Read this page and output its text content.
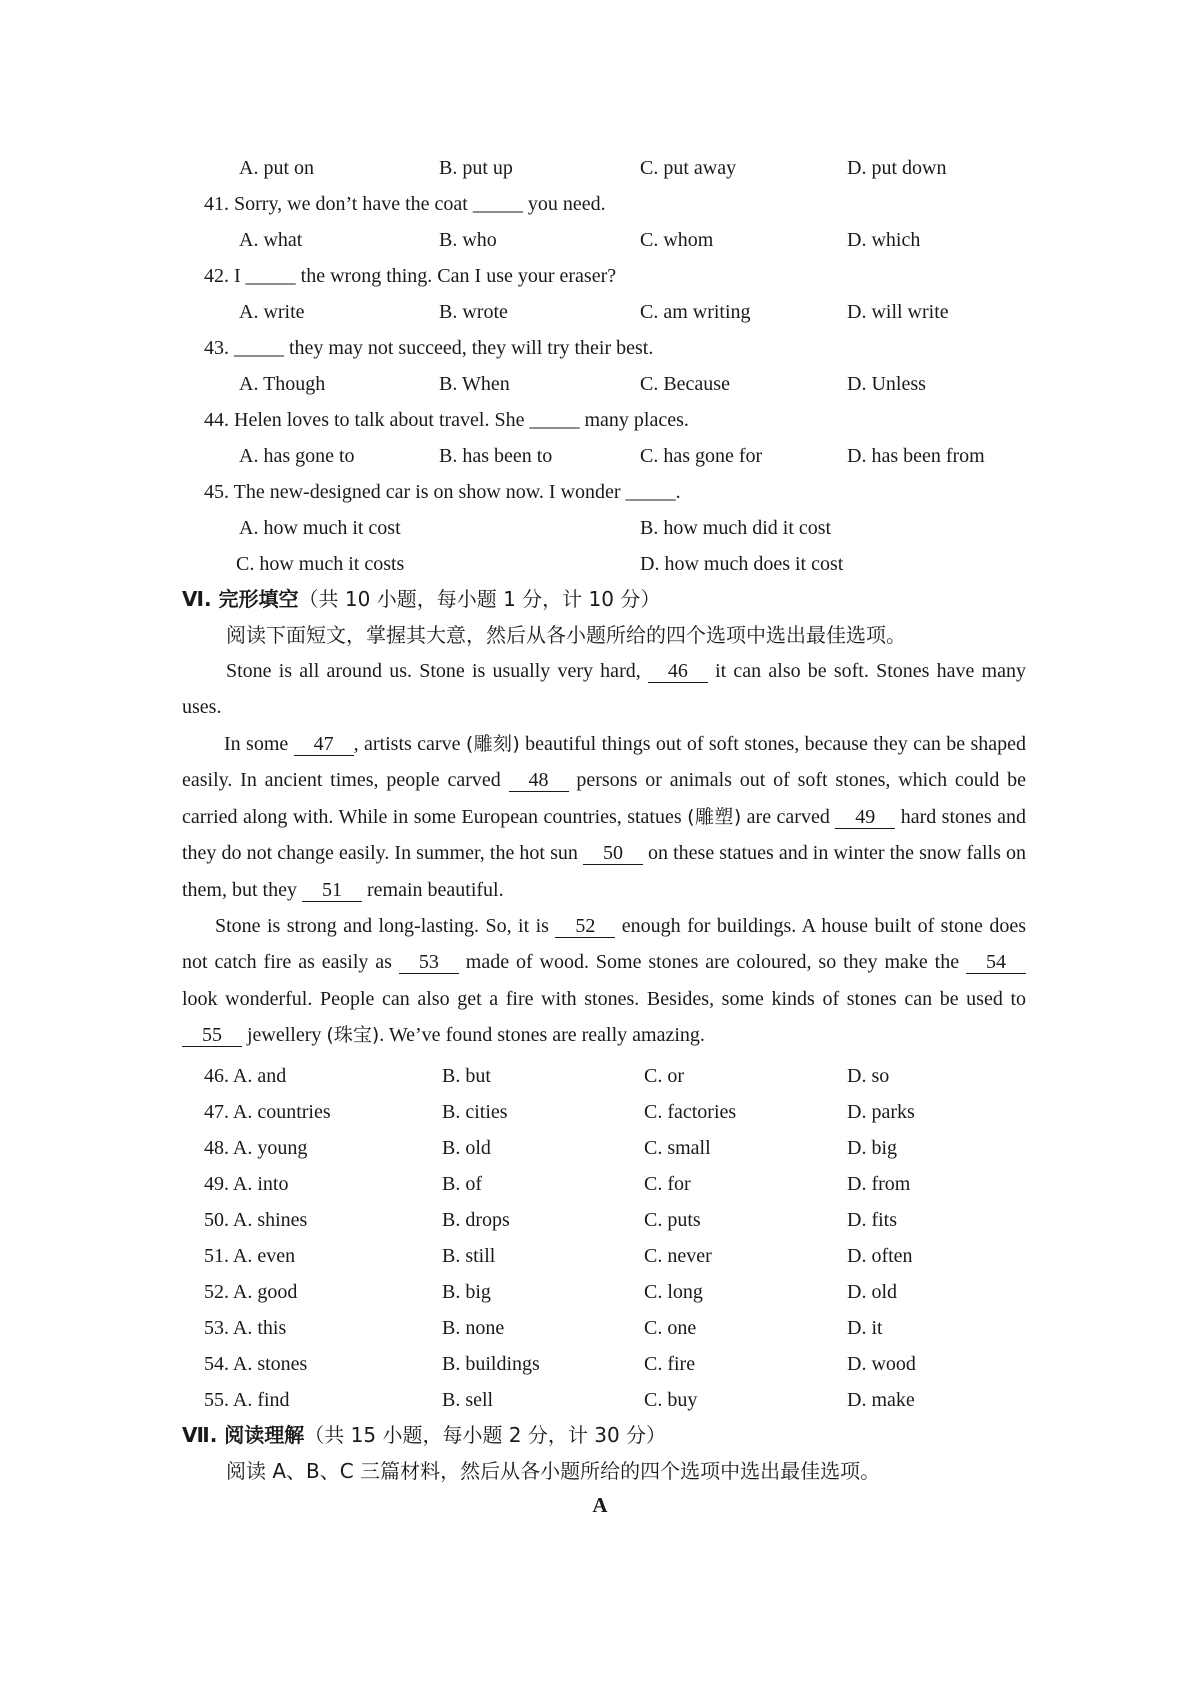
A. put on	B. put up	C. put away	D. put down
41. Sorry, we don’t have the coat _____ you need.
A. what	B. who	C. whom	D. which
42. I _____ the wrong thing. Can I use your eraser?
A. write	B. wrote	C. am writing	D. will write
43. _____ they may not succeed, they will try their best.
A. Though	B. When	C. Because	D. Unless
44. Helen loves to talk about travel. She _____ many places.
A. has gone to	B. has been to	C. has gone for	D. has been from
45. The new-designed car is on show now. I wonder _____.
A. how much it cost	B. how much did it cost
C. how much it costs	D. how much does it cost
Ⅵ. 完形填空（共 10 小题，每小题 1 分，计 10 分）
阅读下面短文，掌握其大意，然后从各小题所给的四个选项中选出最佳选项。
Stone is all around us. Stone is usually very hard, 46 it can also be soft. Stones have many uses.
In some 47 , artists carve (雕刻) beautiful things out of soft stones, because they can be shaped easily. In ancient times, people carved 48 persons or animals out of soft stones, which could be carried along with. While in some European countries, statues (雕塑) are carved 49 hard stones and they do not change easily. In summer, the hot sun 50 on these statues and in winter the snow falls on them, but they 51 remain beautiful.
Stone is strong and long-lasting. So, it is 52 enough for buildings. A house built of stone does not catch fire as easily as 53 made of wood. Some stones are coloured, so they make the 54 look wonderful. People can also get a fire with stones. Besides, some kinds of stones can be used to 55 jewellery (珠宝). We’ve found stones are really amazing.
46. A. and	B. but	C. or	D. so
47. A. countries	B. cities	C. factories	D. parks
48. A. young	B. old	C. small	D. big
49. A. into	B. of	C. for	D. from
50. A. shines	B. drops	C. puts	D. fits
51. A. even	B. still	C. never	D. often
52. A. good	B. big	C. long	D. old
53. A. this	B. none	C. one	D. it
54. A. stones	B. buildings	C. fire	D. wood
55. A. find	B. sell	C. buy	D. make
Ⅶ. 阅读理解（共 15 小题，每小题 2 分，计 30 分）
阅读 A、B、C 三篇材料，然后从各小题所给的四个选项中选出最佳选项。
A
